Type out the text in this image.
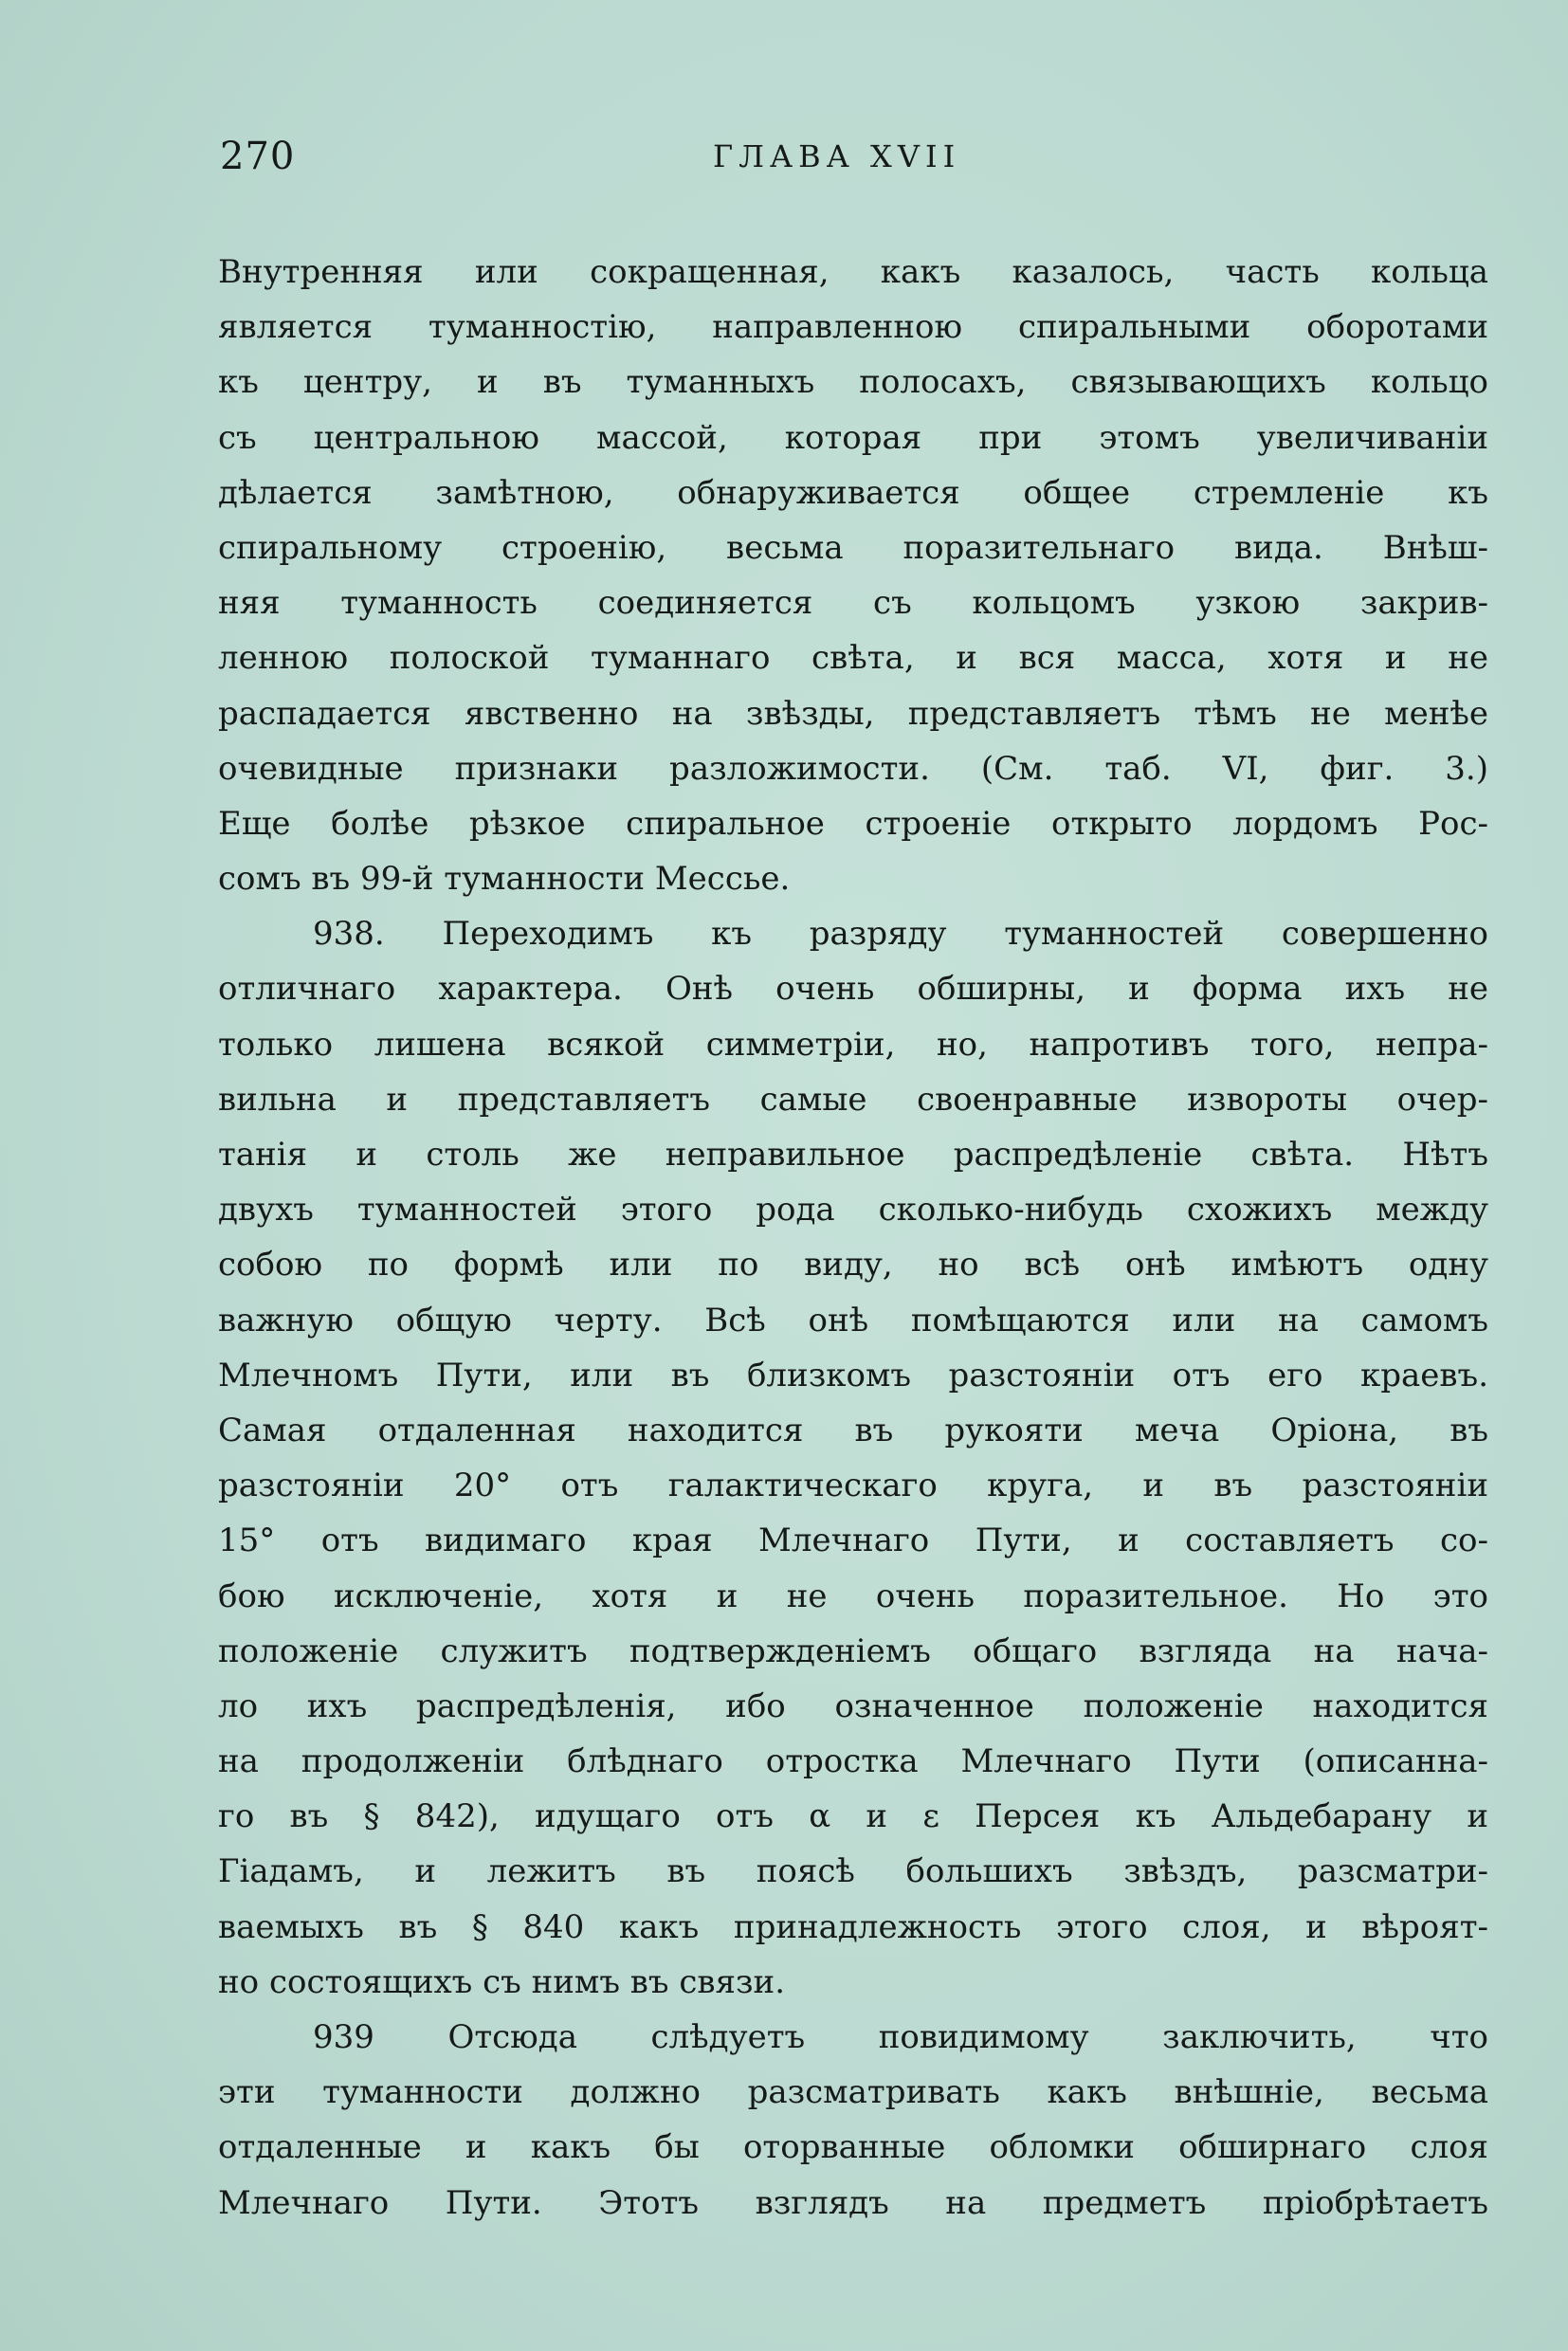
270	ГЛАВА XVII
Внутренняя или сокращенная, какъ казалось, часть кольца
является туманностію, направленною спиральными оборотами
къ центру, и въ туманныхъ полосахъ, связывающихъ кольцо
съ центральною массой, которая при этомъ увеличиваніи
дѣлается замѣтною, обнаруживается общее стремленіе къ
спиральному строенію, весьма поразительнаго вида. Внѣш-
няя туманность соединяется съ кольцомъ узкою закрив-
ленною полоской туманнаго свѣта, и вся масса, хотя и не
распадается явственно на звѣзды, представляетъ тѣмъ не менѣе
очевидные признаки разложимости. (См. таб. VI, фиг. 3.)
Еще болѣе рѣзкое спиральное строеніе открыто лордомъ Рос-
сомъ въ 99-й туманности Мессье.
938. Переходимъ къ разряду туманностей совершенно
отличнаго характера. Онѣ очень обширны, и форма ихъ не
только лишена всякой симметріи, но, напротивъ того, непра-
вильна и представляетъ самые своенравные извороты очер-
танія и столь же неправильное распредѣленіе свѣта. Нѣтъ
двухъ туманностей этого рода сколько-нибудь схожихъ между
собою по формѣ или по виду, но всѣ онѣ имѣютъ одну
важную общую черту. Всѣ онѣ помѣщаются или на самомъ
Млечномъ Пути, или въ близкомъ разстояніи отъ его краевъ.
Самая отдаленная находится въ рукояти меча Оріона, въ
разстояніи 20° отъ галактическаго круга, и въ разстояніи
15° отъ видимаго края Млечнаго Пути, и составляетъ со-
бою исключеніе, хотя и не очень поразительное. Но это
положеніе служитъ подтвержденіемъ общаго взгляда на нача-
ло ихъ распредѣленія, ибо означенное положеніе находится
на продолженіи блѣднаго отростка Млечнаго Пути (описанна-
го въ § 842), идущаго отъ α и ε Персея къ Альдебарану и
Гіадамъ, и лежитъ въ поясѣ большихъ звѣздъ, разсматри-
ваемыхъ въ § 840 какъ принадлежность этого слоя, и вѣроят-
но состоящихъ съ нимъ въ связи.
939 Отсюда слѣдуетъ повидимому заключить, что
эти туманности должно разсматривать какъ внѣшніе, весьма
отдаленные и какъ бы оторванные обломки обширнаго слоя
Млечнаго Пути. Этотъ взглядъ на предметъ пріобрѣтаетъ
